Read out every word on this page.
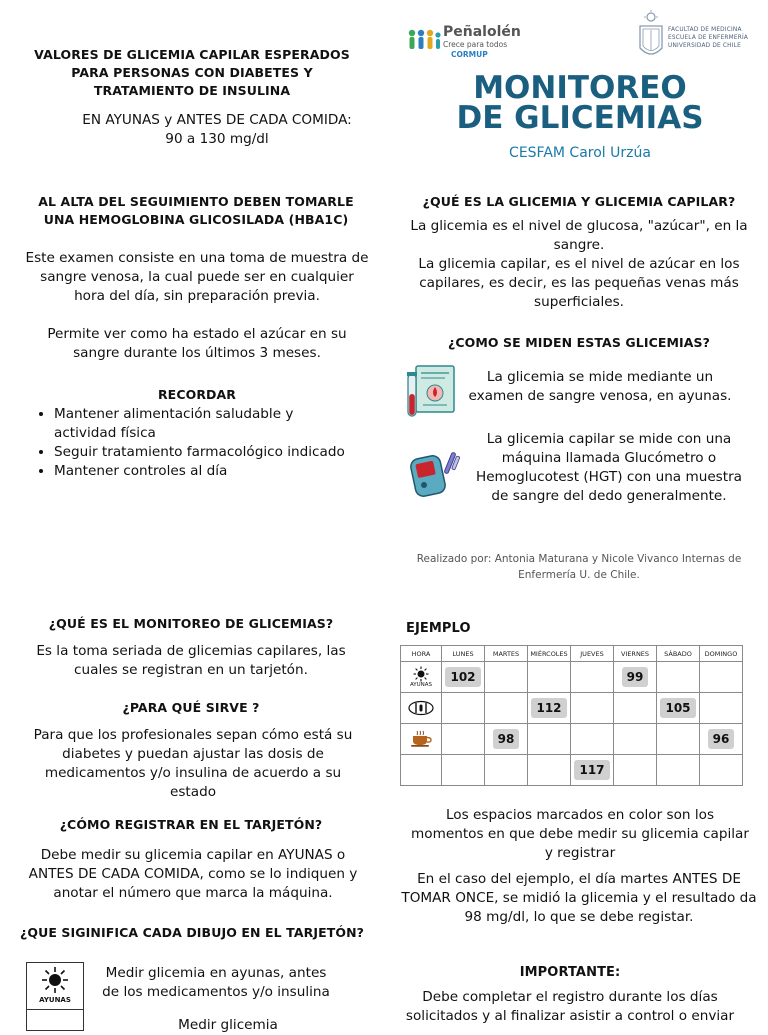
VALORES DE GLICEMIA CAPILAR ESPERADOS PARA PERSONAS CON DIABETES Y TRATAMIENTO DE INSULINA
EN AYUNAS y ANTES DE CADA COMIDA:
90 a 130 mg/dl
AL ALTA DEL SEGUIMIENTO DEBEN TOMARLE UNA HEMOGLOBINA GLICOSILADA (HBA1C)
Este examen consiste en una toma de muestra de sangre venosa, la cual puede ser en cualquier hora del día, sin preparación previa.
Permite ver como ha estado el azúcar en su sangre durante los últimos 3 meses.
RECORDAR
• Mantener alimentación saludable y actividad física
• Seguir tratamiento farmacológico indicado
• Mantener controles al día
Peñalolén
Crece para todos
CORMUP
FACULTAD DE MEDICINA ESCUELA DE ENFERMERÍA UNIVERSIDAD DE CHILE
MONITOREO
DE GLICEMIAS
CESFAM Carol Urzúa
¿QUÉ ES LA GLICEMIA Y GLICEMIA CAPILAR?
La glicemia es el nivel de glucosa, "azúcar", en la sangre.
La glicemia capilar, es el nivel de azúcar en los capilares, es decir, es las pequeñas venas más superficiales.
¿COMO SE MIDEN ESTAS GLICEMIAS?
La glicemia se mide mediante un examen de sangre venosa, en ayunas.
La glicemia capilar se mide con una máquina llamada Glucómetro o Hemoglucotest (HGT) con una muestra de sangre del dedo generalmente.
Realizado por: Antonia Maturana y Nicole Vivanco Internas de Enfermería U. de Chile.
¿QUÉ ES EL MONITOREO DE GLICEMIAS?
Es la toma seriada de glicemias capilares, las cuales se registran en un tarjetón.
¿PARA QUÉ SIRVE ?
Para que los profesionales sepan cómo está su diabetes y puedan ajustar las dosis de medicamentos y/o insulina de acuerdo a su estado
¿CÓMO REGISTRAR EN EL TARJETÓN?
Debe medir su glicemia capilar en AYUNAS o ANTES DE CADA COMIDA, como se lo indiquen y anotar el número que marca la máquina.
¿QUE SIGINIFICA CADA DIBUJO EN EL TARJETÓN?
AYUNAS
Medir glicemia en ayunas, antes de los medicamentos y/o insulina
Medir glicemia
EJEMPLO
HORA	LUNES	MARTES	MIÉRCOLES	JUEVES	VIERNES	SÁBADO	DOMINGO

AYUNAS	102				99		

			112			105	

		98					96

				117			
Los espacios marcados en color son los momentos en que debe medir su glicemia capilar y registrar
En el caso del ejemplo, el día martes ANTES DE TOMAR ONCE, se midió la glicemia y el resultado da 98 mg/dl, lo que se debe registar.
IMPORTANTE:
Debe completar el registro durante los días solicitados y al finalizar asistir a control o enviar
